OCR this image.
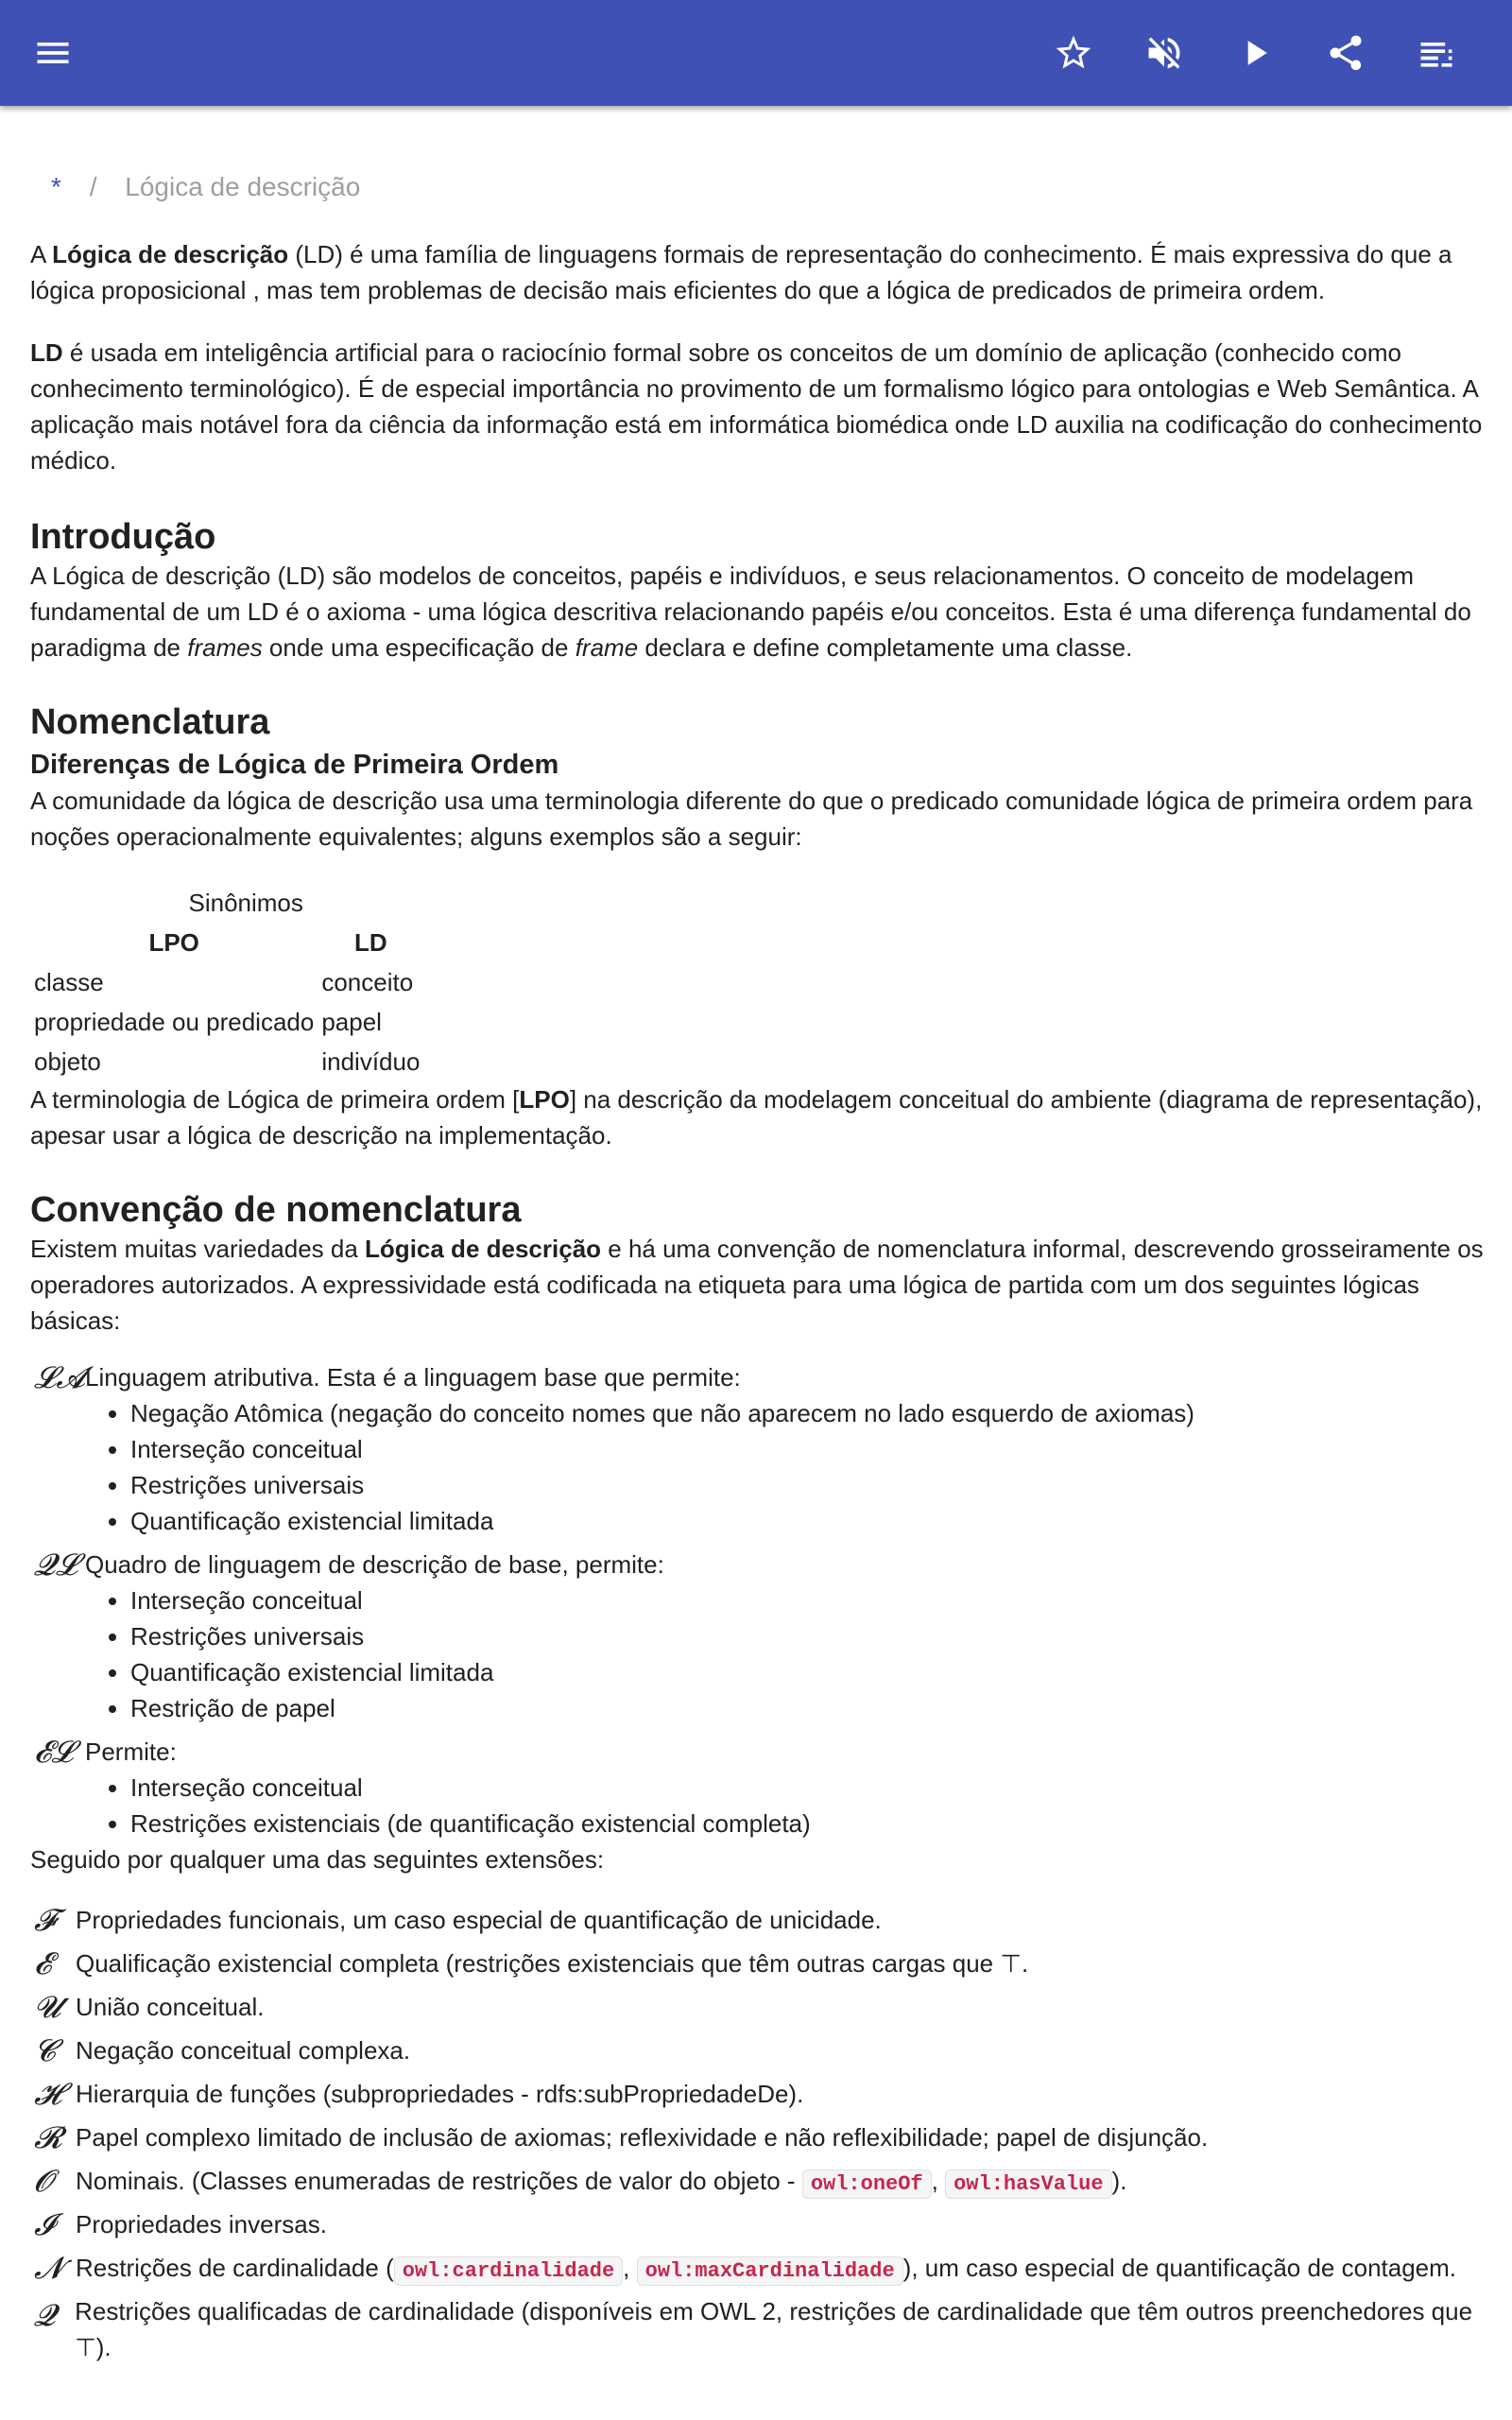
* / Lógica de descrição

A Lógica de descrição (LD) é uma família de linguagens formais de representação do conhecimento. É mais expressiva do que a lógica proposicional , mas tem problemas de decisão mais eficientes do que a lógica de predicados de primeira ordem.

LD é usada em inteligência artificial para o raciocínio formal sobre os conceitos de um domínio de aplicação (conhecido como conhecimento terminológico). É de especial importância no provimento de um formalismo lógico para ontologias e Web Semântica. A aplicação mais notável fora da ciência da informação está em informática biomédica onde LD auxilia na codificação do conhecimento médico.

Introdução

A Lógica de descrição (LD) são modelos de conceitos, papéis e indivíduos, e seus relacionamentos. O conceito de modelagem fundamental de um LD é o axioma - uma lógica descritiva relacionando papéis e/ou conceitos. Esta é uma diferença fundamental do paradigma de frames onde uma especificação de frame declara e define completamente uma classe.

Nomenclatura
Diferenças de Lógica de Primeira Ordem

A comunidade da lógica de descrição usa uma terminologia diferente do que o predicado comunidade lógica de primeira ordem para noções operacionalmente equivalentes; alguns exemplos são a seguir:

Sinônimos
LPO	LD
classe	conceito
propriedade ou predicado	papel
objeto	indivíduo

A terminologia de Lógica de primeira ordem [LPO] na descrição da modelagem conceitual do ambiente (diagrama de representação), apesar usar a lógica de descrição na implementação.

Convenção de nomenclatura

Existem muitas variedades da Lógica de descrição e há uma convenção de nomenclatura informal, descrevendo grosseiramente os operadores autorizados. A expressividade está codificada na etiqueta para uma lógica de partida com um dos seguintes lógicas básicas:

𝓛𝓐 Linguagem atributiva. Esta é a linguagem base que permite:
• Negação Atômica (negação do conceito nomes que não aparecem no lado esquerdo de axiomas)
• Interseção conceitual
• Restrições universais
• Quantificação existencial limitada
𝓠𝓛 Quadro de linguagem de descrição de base, permite:
• Interseção conceitual
• Restrições universais
• Quantificação existencial limitada
• Restrição de papel
𝓔𝓛 Permite:
• Interseção conceitual
• Restrições existenciais (de quantificação existencial completa)

Seguido por qualquer uma das seguintes extensões:

𝓕 Propriedades funcionais, um caso especial de quantificação de unicidade.
𝓔 Qualificação existencial completa (restrições existenciais que têm outras cargas que ⊤.
𝓤 União conceitual.
𝓒 Negação conceitual complexa.
𝓗 Hierarquia de funções (subpropriedades - rdfs:subPropriedadeDe).
𝓡 Papel complexo limitado de inclusão de axiomas; reflexividade e não reflexibilidade; papel de disjunção.
𝓞 Nominais. (Classes enumeradas de restrições de valor do objeto - owl:oneOf , owl:hasValue ).
𝓘 Propriedades inversas.
𝓝 Restrições de cardinalidade ( owl:cardinalidade , owl:maxCardinalidade ), um caso especial de quantificação de contagem.
𝓠 Restrições qualificadas de cardinalidade (disponíveis em OWL 2, restrições de cardinalidade que têm outros preenchedores que ⊤).
